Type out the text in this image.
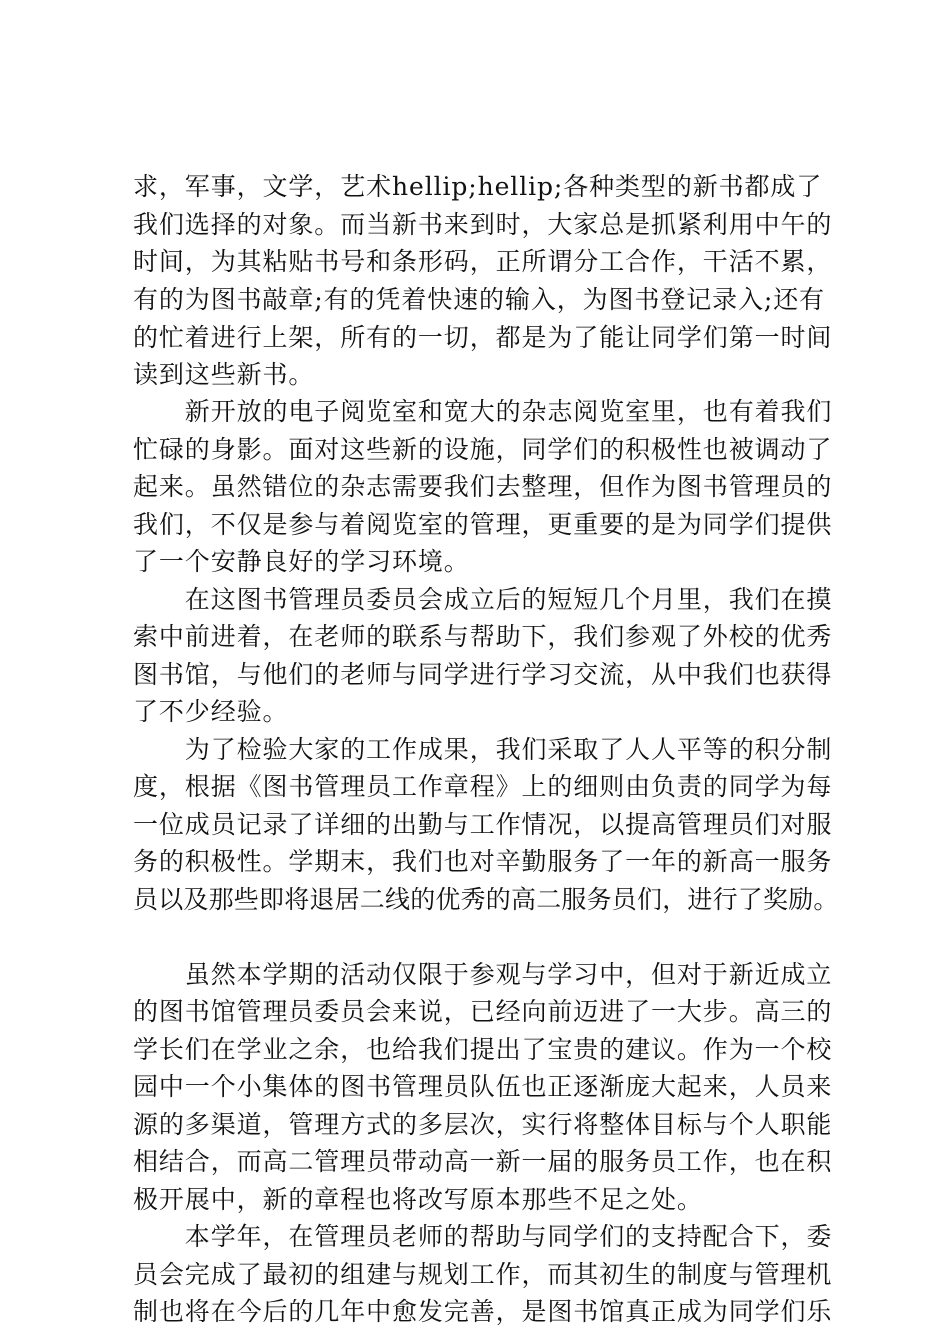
求，军事，文学，艺术hellip;hellip;各种类型的新书都成了
我们选择的对象。而当新书来到时，大家总是抓紧利用中午的
时间，为其粘贴书号和条形码，正所谓分工合作，干活不累，
有的为图书敲章;有的凭着快速的输入，为图书登记录入;还有
的忙着进行上架，所有的一切，都是为了能让同学们第一时间
读到这些新书。
　　新开放的电子阅览室和宽大的杂志阅览室里，也有着我们
忙碌的身影。面对这些新的设施，同学们的积极性也被调动了
起来。虽然错位的杂志需要我们去整理，但作为图书管理员的
我们，不仅是参与着阅览室的管理，更重要的是为同学们提供
了一个安静良好的学习环境。
　　在这图书管理员委员会成立后的短短几个月里，我们在摸
索中前进着，在老师的联系与帮助下，我们参观了外校的优秀
图书馆，与他们的老师与同学进行学习交流，从中我们也获得
了不少经验。
　　为了检验大家的工作成果，我们采取了人人平等的积分制
度，根据《图书管理员工作章程》上的细则由负责的同学为每
一位成员记录了详细的出勤与工作情况，以提高管理员们对服
务的积极性。学期末，我们也对辛勤服务了一年的新高一服务
员以及那些即将退居二线的优秀的高二服务员们，进行了奖励。
　　虽然本学期的活动仅限于参观与学习中，但对于新近成立
的图书馆管理员委员会来说，已经向前迈进了一大步。高三的
学长们在学业之余，也给我们提出了宝贵的建议。作为一个校
园中一个小集体的图书管理员队伍也正逐渐庞大起来，人员来
源的多渠道，管理方式的多层次，实行将整体目标与个人职能
相结合，而高二管理员带动高一新一届的服务员工作，也在积
极开展中，新的章程也将改写原本那些不足之处。
　　本学年，在管理员老师的帮助与同学们的支持配合下，委
员会完成了最初的组建与规划工作，而其初生的制度与管理机
制也将在今后的几年中愈发完善，是图书馆真正成为同学们乐
